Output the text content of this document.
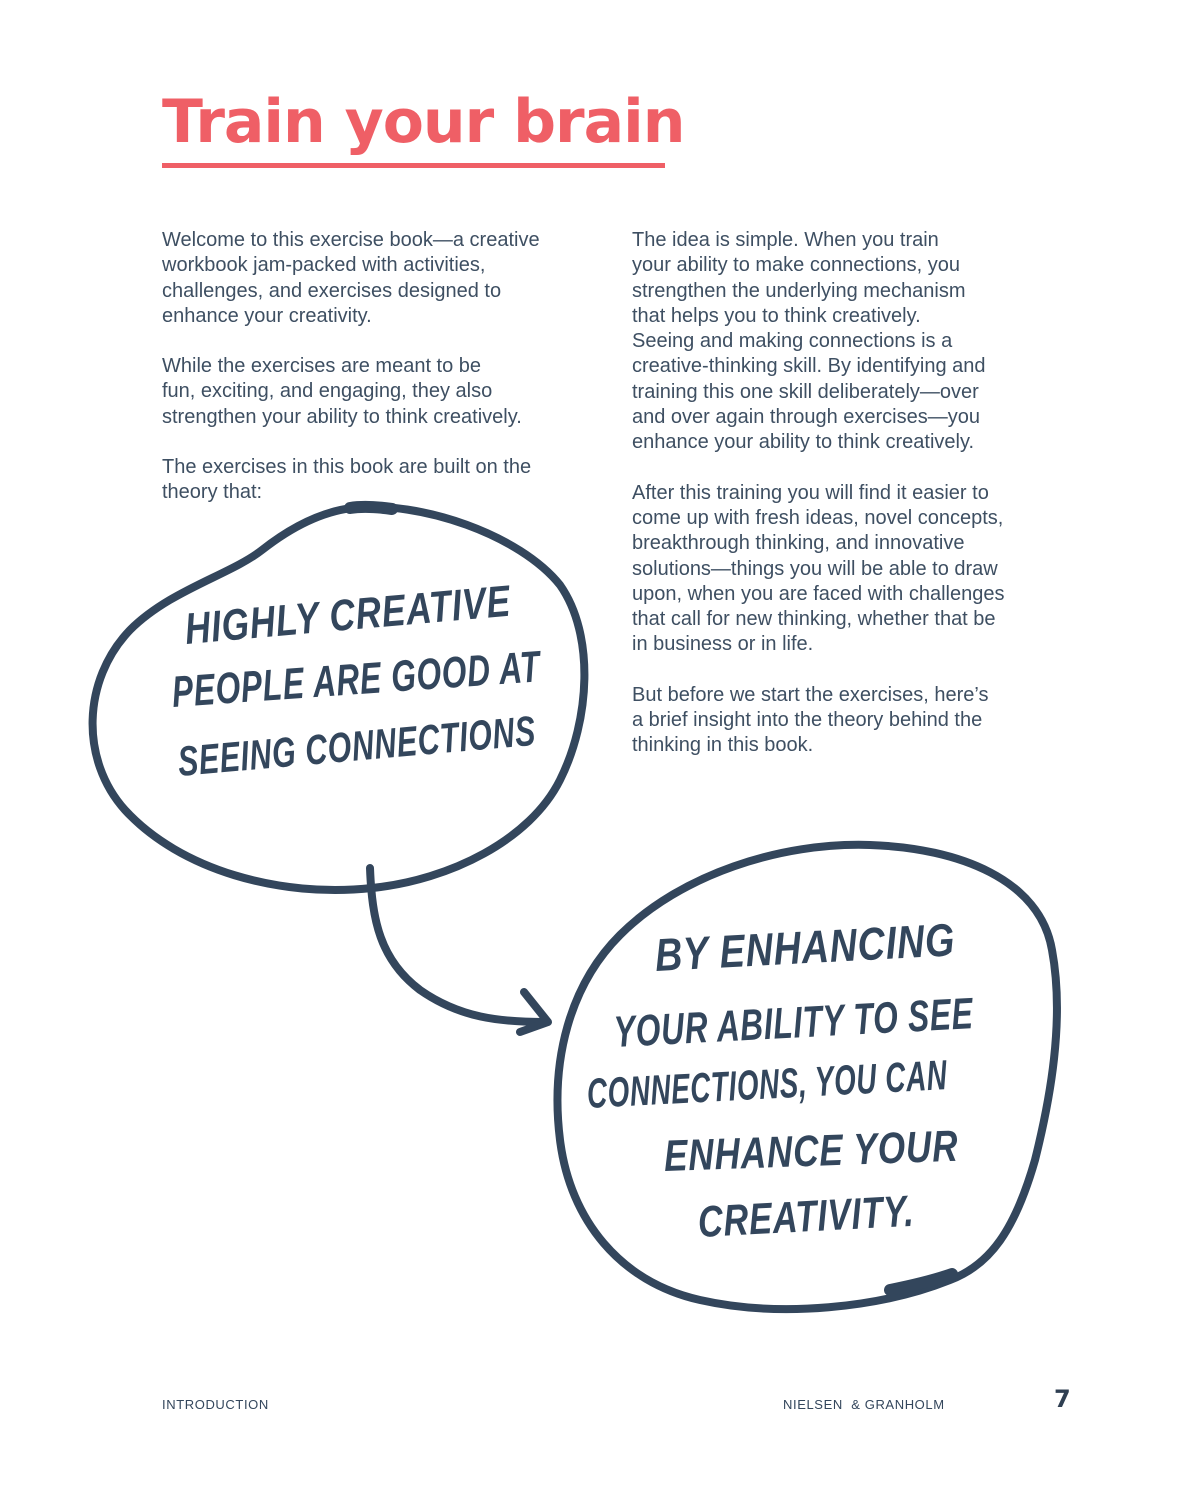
Train your brain

Welcome to this exercise book—a creative
workbook jam-packed with activities,
challenges, and exercises designed to
enhance your creativity.

While the exercises are meant to be
fun, exciting, and engaging, they also
strengthen your ability to think creatively.

The exercises in this book are built on the
theory that:

The idea is simple. When you train
your ability to make connections, you
strengthen the underlying mechanism
that helps you to think creatively.
Seeing and making connections is a
creative-thinking skill. By identifying and
training this one skill deliberately—over
and over again through exercises—you
enhance your ability to think creatively.

After this training you will find it easier to
come up with fresh ideas, novel concepts,
breakthrough thinking, and innovative
solutions—things you will be able to draw
upon, when you are faced with challenges
that call for new thinking, whether that be
in business or in life.

But before we start the exercises, here’s
a brief insight into the theory behind the
thinking in this book.

HIGHLY CREATIVE
PEOPLE ARE GOOD AT
SEEING CONNECTIONS
BY ENHANCING
YOUR ABILITY TO SEE
CONNECTIONS, YOU CAN
ENHANCE YOUR
CREATIVITY.
INTRODUCTION	NIELSEN  & GRANHOLM	7
